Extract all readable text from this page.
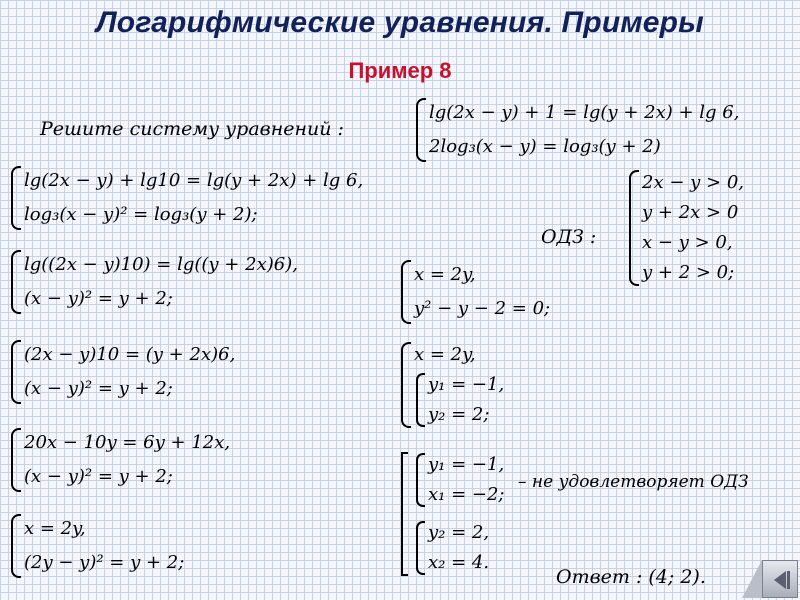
Логарифмические уравнения. Примеры
Пример 8
Решите систему уравнений :
lg(2x − y) + 1 = lg(y + 2x) + lg 6,
2log₃(x − y) = log₃(y + 2)
ОДЗ :
2x − y > 0,
y + 2x > 0
x − y > 0,
y + 2 > 0;
lg(2x − y) + lg10 = lg(y + 2x) + lg 6,
log₃(x − y)² = log₃(y + 2);
lg((2x − y)10) = lg((y + 2x)6),
(x − y)² = y + 2;
(2x − y)10 = (y + 2x)6,
(x − y)² = y + 2;
20x − 10y = 6y + 12x,
(x − y)² = y + 2;
x = 2y,
(2y − y)² = y + 2;
x = 2y,
y² − y − 2 = 0;
x = 2y,
y₁ = −1,
y₂ = 2;
y₁ = −1,
x₁ = −2;
y₂ = 2,
x₂ = 4.
– не удовлетворяет ОДЗ
Ответ : (4; 2).
